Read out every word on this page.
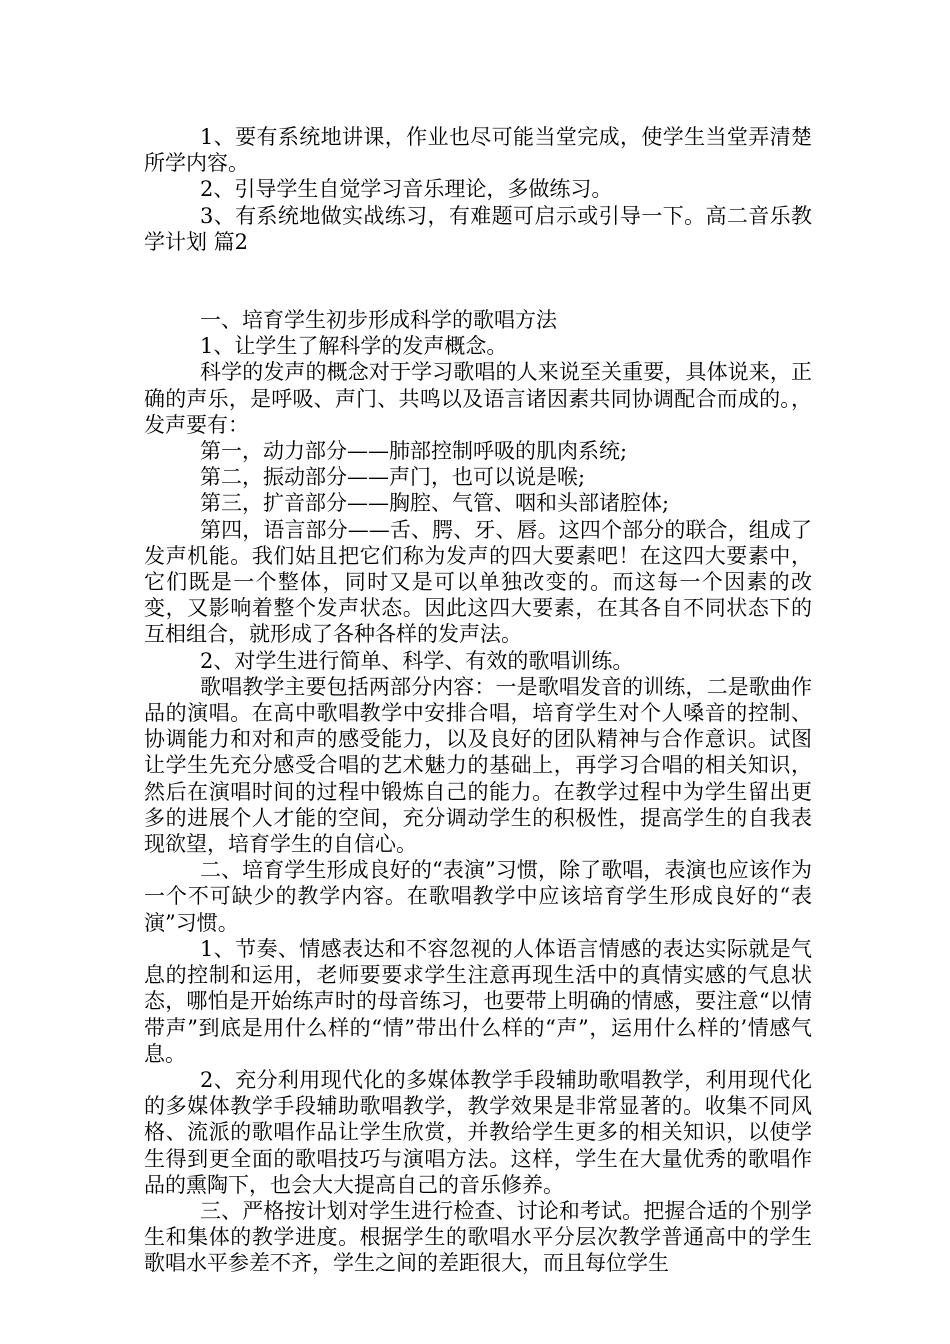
1、要有系统地讲课，作业也尽可能当堂完成，使学生当堂弄清楚所学内容。

2、引导学生自觉学习音乐理论，多做练习。

3、有系统地做实战练习，有难题可启示或引导一下。高二音乐教学计划 篇2

一、培育学生初步形成科学的歌唱方法

1、让学生了解科学的发声概念。

科学的发声的概念对于学习歌唱的人来说至关重要，具体说来，正确的声乐，是呼吸、声门、共鸣以及语言诸因素共同协调配合而成的。，发声要有：

第一，动力部分——肺部控制呼吸的肌肉系统;

第二，振动部分——声门，也可以说是喉;

第三，扩音部分——胸腔、气管、咽和头部诸腔体;

第四，语言部分——舌、腭、牙、唇。这四个部分的联合，组成了发声机能。我们姑且把它们称为发声的四大要素吧！在这四大要素中，它们既是一个整体，同时又是可以单独改变的。而这每一个因素的改变，又影响着整个发声状态。因此这四大要素，在其各自不同状态下的互相组合，就形成了各种各样的发声法。

2、对学生进行简单、科学、有效的歌唱训练。

歌唱教学主要包括两部分内容：一是歌唱发音的训练，二是歌曲作品的演唱。在高中歌唱教学中安排合唱，培育学生对个人嗓音的控制、协调能力和对和声的感受能力，以及良好的团队精神与合作意识。试图让学生先充分感受合唱的艺术魅力的基础上，再学习合唱的相关知识，然后在演唱时间的过程中锻炼自己的能力。在教学过程中为学生留出更多的进展个人才能的空间，充分调动学生的积极性，提高学生的自我表现欲望，培育学生的自信心。

二、培育学生形成良好的“表演”习惯，除了歌唱，表演也应该作为一个不可缺少的教学内容。在歌唱教学中应该培育学生形成良好的“表演”习惯。

1、节奏、情感表达和不容忽视的人体语言情感的表达实际就是气息的控制和运用，老师要要求学生注意再现生活中的真情实感的气息状态，哪怕是开始练声时的母音练习，也要带上明确的情感，要注意“以情带声”到底是用什么样的“情”带出什么样的“声”，运用什么样的’情感气息。

2、充分利用现代化的多媒体教学手段辅助歌唱教学，利用现代化的多媒体教学手段辅助歌唱教学，教学效果是非常显著的。收集不同风格、流派的歌唱作品让学生欣赏，并教给学生更多的相关知识，以使学生得到更全面的歌唱技巧与演唱方法。这样，学生在大量优秀的歌唱作品的熏陶下，也会大大提高自己的音乐修养。

三、严格按计划对学生进行检查、讨论和考试。把握合适的个别学生和集体的教学进度。根据学生的歌唱水平分层次教学普通高中的学生歌唱水平参差不齐，学生之间的差距很大，而且每位学生
